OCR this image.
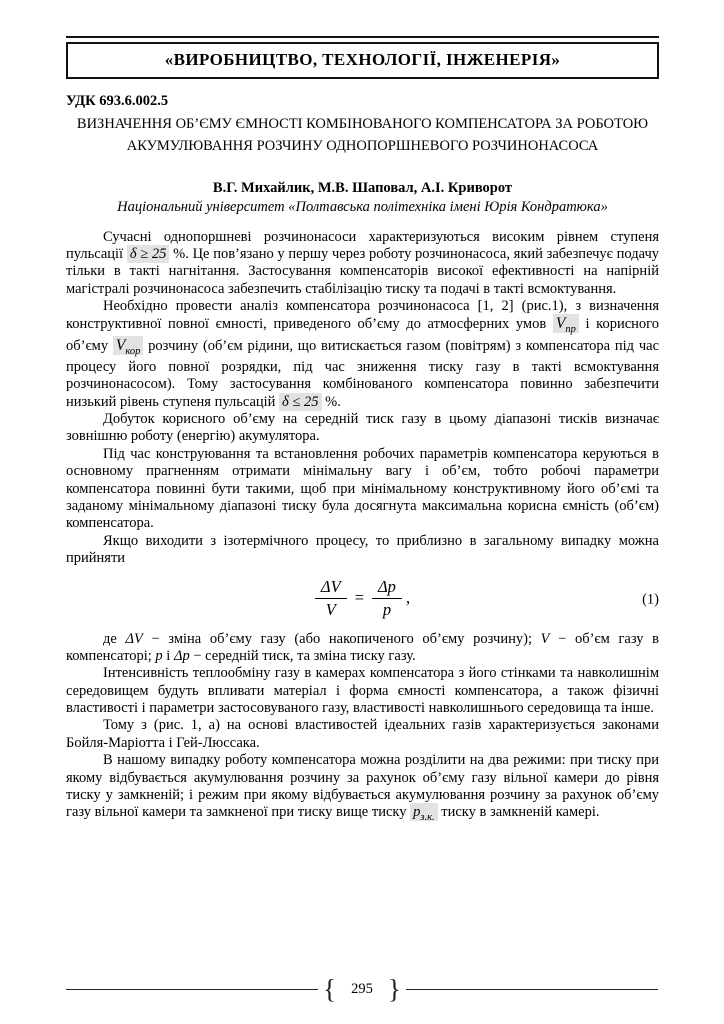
«ВИРОБНИЦТВО, ТЕХНОЛОГІЇ, ІНЖЕНЕРІЯ»

УДК 693.6.002.5

ВИЗНАЧЕННЯ ОБ’ЄМУ ЄМНОСТІ КОМБІНОВАНОГО КОМПЕНСАТОРА ЗА РОБОТОЮ
АКУМУЛЮВАННЯ РОЗЧИНУ ОДНОПОРШНЕВОГО РОЗЧИНОНАСОСА

В.Г. Михайлик, М.В. Шаповал, А.І. Криворот

Національний університет «Полтавська політехніка імені Юрія Кондратюка»

Сучасні однопоршневі розчинонасоси характеризуються високим рівнем ступеня пульсації δ ≥ 25 %. Це пов’язано у першу через роботу розчинонасоса, який забезпечує подачу тільки в такті нагнітання. Застосування компенсаторів високої ефективності на напірній магістралі розчинонасоса забезпечить стабілізацію тиску та подачі в такті всмоктування.

Необхідно провести аналіз компенсатора розчинонасоса [1, 2] (рис.1), з визначення конструктивної повної ємності, приведеного об’єму до атмосферних умов $V_{пр}$ і корисного об’єму $V_{кор}$ розчину (об’єм рідини, що витискається газом (повітрям) з компенсатора під час процесу його повної розрядки, під час зниження тиску газу в такті всмоктування розчинонасосом). Тому застосування комбінованого компенсатора повинно забезпечити низький рівень ступеня пульсацій δ ≤ 25 %.

Добуток корисного об’єму на середній тиск газу в цьому діапазоні тисків визначає зовнішню роботу (енергію) акумулятора.

Під час конструювання та встановлення робочих параметрів компенсатора керуються в основному прагненням отримати мінімальну вагу і об’єм, тобто робочі параметри компенсатора повинні бути такими, щоб при мінімальному конструктивному його об’ємі та заданому мінімальному діапазоні тиску була досягнута максимальна корисна ємність (об’єм) компенсатора.

Якщо виходити з ізотермічного процесу, то приблизно в загальному випадку можна прийняти

$\frac{\Delta V}{V} = \frac{\Delta p}{p}$ ,	(1)

де ΔV − зміна об’єму газу (або накопиченого об’єму розчину); V − об’єм газу в компенсаторі; p і Δp − середній тиск, та зміна тиску газу.

Інтенсивність теплообміну газу в камерах компенсатора з його стінками та навколишнім середовищем будуть впливати матеріал і форма ємності компенсатора, а також фізичні властивості і параметри застосовуваного газу, властивості навколишнього середовища та інше.

Тому з (рис. 1, а) на основі властивостей ідеальних газів характеризується законами Бойля-Маріотта і Гей-Люссака.

В нашому випадку роботу компенсатора можна розділити на два режими: при тиску при якому відбувається акумулювання розчину за рахунок об’єму газу вільної камери до рівня тиску у замкненій; і режим при якому відбувається акумулювання розчину за рахунок об’єму газу вільної камери та замкненої при тиску вище тиску $p_{з.к.}$ тиску в замкненій камері.

{ 295 }
